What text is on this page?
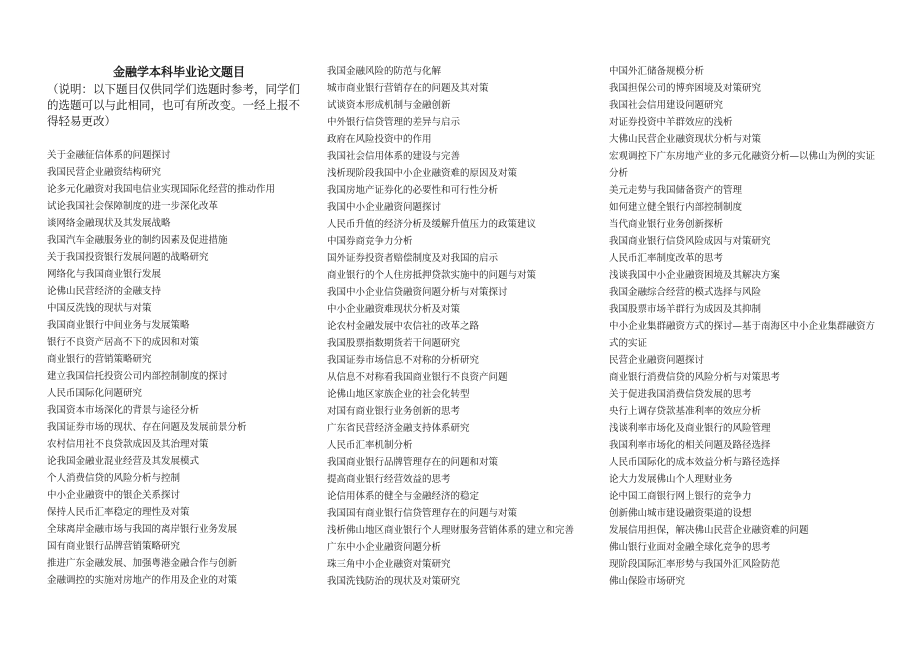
金融学本科毕业论文题目
（说明：以下题目仅供同学们选题时参考，同学们的选题可以与此相同，也可有所改变。一经上报不得轻易更改）
关于金融征信体系的问题探讨
我国民营企业融资结构研究
论多元化融资对我国电信业实现国际化经营的推动作用
试论我国社会保障制度的进一步深化改革
谈网络金融现状及其发展战略
我国汽车金融服务业的制约因素及促进措施
关于我国投资银行发展问题的战略研究
网络化与我国商业银行发展
论佛山民营经济的金融支持
中国反洗钱的现状与对策
我国商业银行中间业务与发展策略
银行不良资产居高不下的成因和对策
商业银行的营销策略研究
建立我国信托投资公司内部控制制度的探讨
人民币国际化问题研究
我国资本市场深化的背景与途径分析
我国证券市场的现状、存在问题及发展前景分析
农村信用社不良贷款成因及其治理对策
论我国金融业混业经营及其发展模式
个人消费信贷的风险分析与控制
中小企业融资中的银企关系探讨
保持人民币汇率稳定的理性及对策
全球离岸金融市场与我国的离岸银行业务发展
国有商业银行品牌营销策略研究
推进广东金融发展、加强粤港金融合作与创新
金融调控的实施对房地产的作用及企业的对策
我国金融风险的防范与化解
城市商业银行营销存在的问题及其对策
试谈资本形成机制与金融创新
中外银行信贷管理的差异与启示
政府在风险投资中的作用
我国社会信用体系的建设与完善
浅析现阶段我国中小企业融资难的原因及对策
我国房地产证券化的必要性和可行性分析
我国中小企业融资问题探讨
人民币升值的经济分析及缓解升值压力的政策建议
中国券商竞争力分析
国外证券投资者赔偿制度及对我国的启示
商业银行的个人住房抵押贷款实施中的问题与对策
我国中小企业信贷融资问题分析与对策探讨
中小企业融资难现状分析及对策
论农村金融发展中农信社的改革之路
我国股票指数期货若干问题研究
我国证券市场信息不对称的分析研究
从信息不对称看我国商业银行不良资产问题
论佛山地区家族企业的社会化转型
对国有商业银行业务创新的思考
广东省民营经济金融支持体系研究
人民币汇率机制分析
我国商业银行品牌管理存在的问题和对策
提高商业银行经营效益的思考
论信用体系的健全与金融经济的稳定
我国国有商业银行信贷管理存在的问题与对策
浅析佛山地区商业银行个人理财服务营销体系的建立和完善
广东中小企业融资问题分析
珠三角中小企业融资对策研究
我国洗钱防治的现状及对策研究
中国外汇储备规模分析
我国担保公司的博弈困境及对策研究
我国社会信用建设问题研究
对证券投资中羊群效应的浅析
大佛山民营企业融资现状分析与对策
宏观调控下广东房地产业的多元化融资分析—以佛山为例的实证分析
美元走势与我国储备资产的管理
如何建立健全银行内部控制制度
当代商业银行业务创新探析
我国商业银行信贷风险成因与对策研究
人民币汇率制度改革的思考
浅谈我国中小企业融资困境及其解决方案
我国金融综合经营的模式选择与风险
我国股票市场羊群行为成因及其抑制
中小企业集群融资方式的探讨—基于南海区中小企业集群融资方式的实证
民营企业融资问题探讨
商业银行消费信贷的风险分析与对策思考
关于促进我国消费信贷发展的思考
央行上调存贷款基准利率的效应分析
浅谈利率市场化及商业银行的风险管理
我国利率市场化的相关问题及路径选择
人民币国际化的成本效益分析与路径选择
论大力发展佛山个人理财业务
论中国工商银行网上银行的竞争力
创新佛山城市建设融资渠道的设想
发展信用担保，解决佛山民营企业融资难的问题
佛山银行业面对金融全球化竞争的思考
现阶段国际汇率形势与我国外汇风险防范
佛山保险市场研究
